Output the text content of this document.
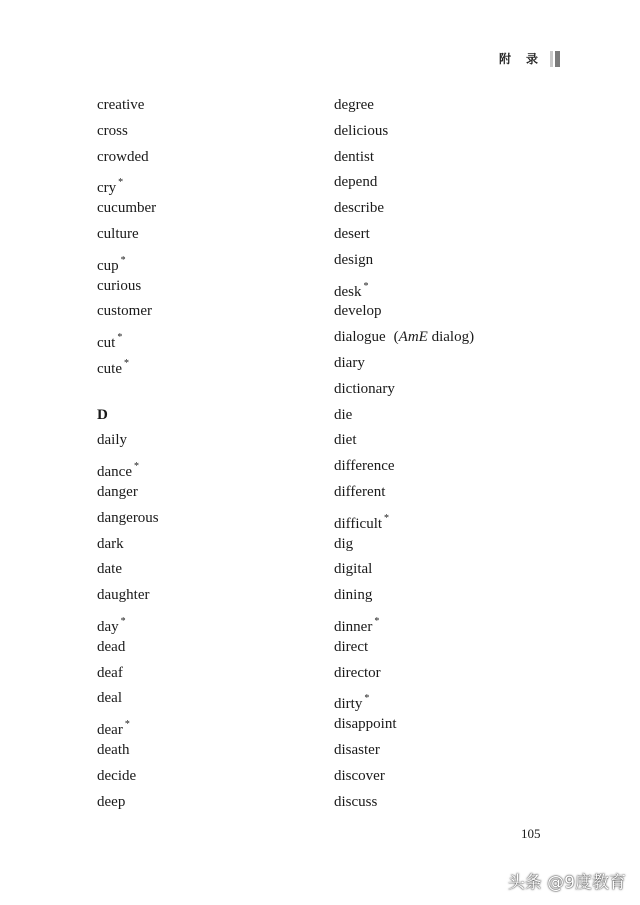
附 录
creative
cross
crowded
cry *
cucumber
culture
cup *
curious
customer
cut *
cute *
D
daily
dance *
danger
dangerous
dark
date
daughter
day *
dead
deaf
deal
dear *
death
decide
deep
degree
delicious
dentist
depend
describe
desert
design
desk *
develop
dialogue (AmE dialog)
diary
dictionary
die
diet
difference
different
difficult *
dig
digital
dining
dinner *
direct
director
dirty *
disappoint
disaster
discover
discuss
105
头条 @9度教育
